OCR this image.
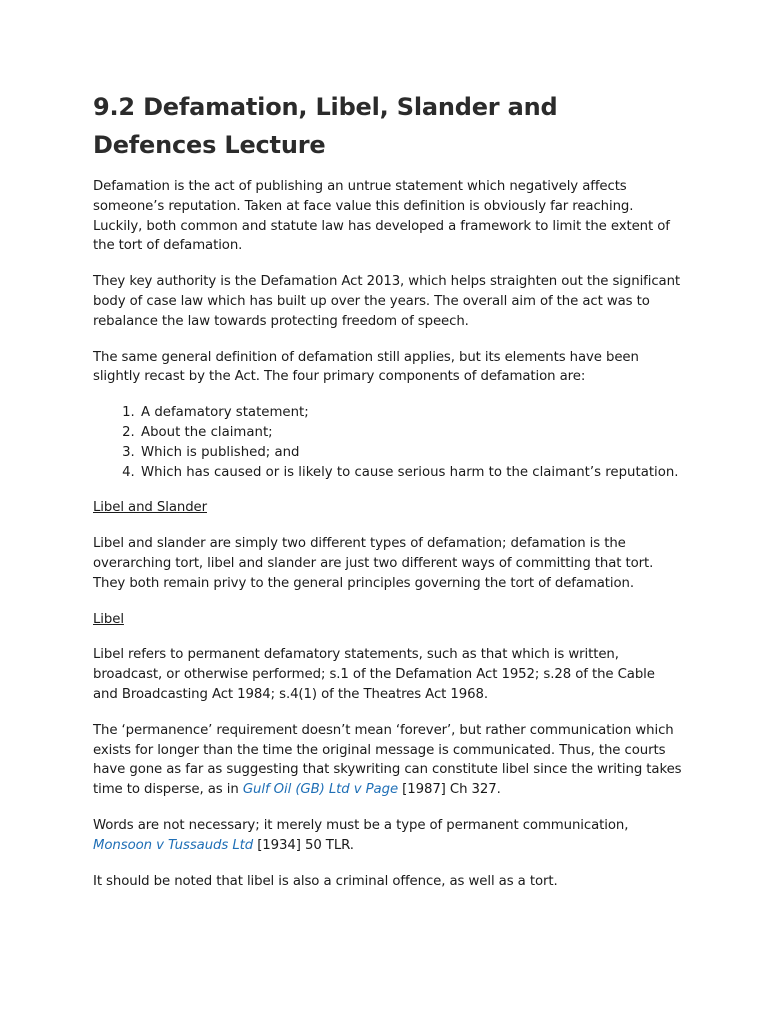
9.2 Defamation, Libel, Slander and Defences Lecture

Defamation is the act of publishing an untrue statement which negatively affects someone’s reputation. Taken at face value this definition is obviously far reaching. Luckily, both common and statute law has developed a framework to limit the extent of the tort of defamation.

They key authority is the Defamation Act 2013, which helps straighten out the significant body of case law which has built up over the years. The overall aim of the act was to rebalance the law towards protecting freedom of speech.

The same general definition of defamation still applies, but its elements have been slightly recast by the Act. The four primary components of defamation are:

1. A defamatory statement;
2. About the claimant;
3. Which is published; and
4. Which has caused or is likely to cause serious harm to the claimant’s reputation.

Libel and Slander

Libel and slander are simply two different types of defamation; defamation is the overarching tort, libel and slander are just two different ways of committing that tort. They both remain privy to the general principles governing the tort of defamation.

Libel

Libel refers to permanent defamatory statements, such as that which is written, broadcast, or otherwise performed; s.1 of the Defamation Act 1952; s.28 of the Cable and Broadcasting Act 1984; s.4(1) of the Theatres Act 1968.

The ‘permanence’ requirement doesn’t mean ‘forever’, but rather communication which exists for longer than the time the original message is communicated. Thus, the courts have gone as far as suggesting that skywriting can constitute libel since the writing takes time to disperse, as in Gulf Oil (GB) Ltd v Page [1987] Ch 327.

Words are not necessary; it merely must be a type of permanent communication, Monsoon v Tussauds Ltd [1934] 50 TLR.

It should be noted that libel is also a criminal offence, as well as a tort.
